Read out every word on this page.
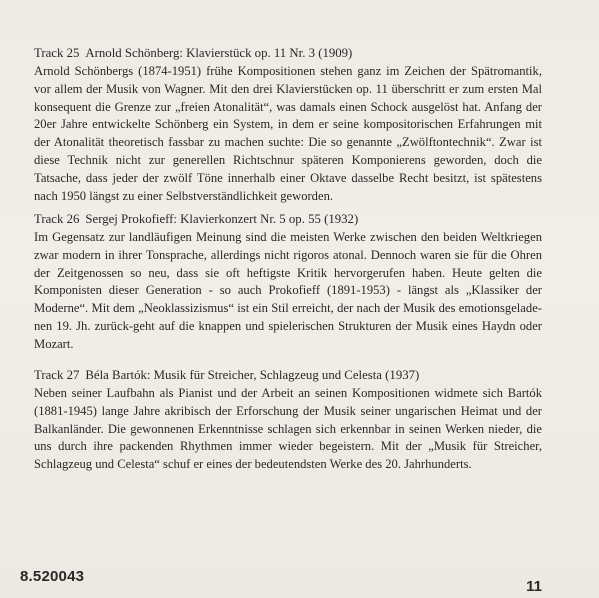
Track 25 Arnold Schönberg: Klavierstück op. 11 Nr. 3 (1909)

Arnold Schönbergs (1874-1951) frühe Kompositionen stehen ganz im Zeichen der Spätromantik, vor allem der Musik von Wagner. Mit den drei Klavierstücken op. 11 überschritt er zum ersten Mal konsequent die Grenze zur „freien Atonalität“, was damals einen Schock ausgelöst hat. Anfang der 20er Jahre entwickelte Schönberg ein System, in dem er seine kompositorischen Erfahrungen mit der Atonalität theoretisch fassbar zu machen suchte: Die so genannte „Zwölftontechnik“. Zwar ist diese Technik nicht zur generellen Richtschnur späteren Komponierens geworden, doch die Tatsache, dass jeder der zwölf Töne innerhalb einer Oktave dasselbe Recht besitzt, ist spätestens nach 1950 längst zu einer Selbstverständlichkeit geworden.

Track 26 Sergej Prokofieff: Klavierkonzert Nr. 5 op. 55 (1932)

Im Gegensatz zur landläufigen Meinung sind die meisten Werke zwischen den beiden Weltkriegen zwar modern in ihrer Tonsprache, allerdings nicht rigoros atonal. Dennoch waren sie für die Ohren der Zeitgenossen so neu, dass sie oft heftigste Kritik hervorgerufen haben. Heute gelten die Komponisten dieser Generation - so auch Prokofieff (1891-1953) - längst als „Klassiker der Moderne“. Mit dem „Neoklassizismus“ ist ein Stil erreicht, der nach der Musik des emotionsgeladenen 19. Jh. zurück-geht auf die knappen und spielerischen Strukturen der Musik eines Haydn oder Mozart.

Track 27 Béla Bartók: Musik für Streicher, Schlagzeug und Celesta (1937)

Neben seiner Laufbahn als Pianist und der Arbeit an seinen Kompositionen widmete sich Bartók (1881-1945) lange Jahre akribisch der Erforschung der Musik seiner ungarischen Heimat und der Balkanländer. Die gewonnenen Erkenntnisse schlagen sich erkennbar in seinen Werken nieder, die uns durch ihre packenden Rhythmen immer wieder begeistern. Mit der „Musik für Streicher, Schlagzeug und Celesta“ schuf er eines der bedeutendsten Werke des 20. Jahrhunderts.

8.520043
11
